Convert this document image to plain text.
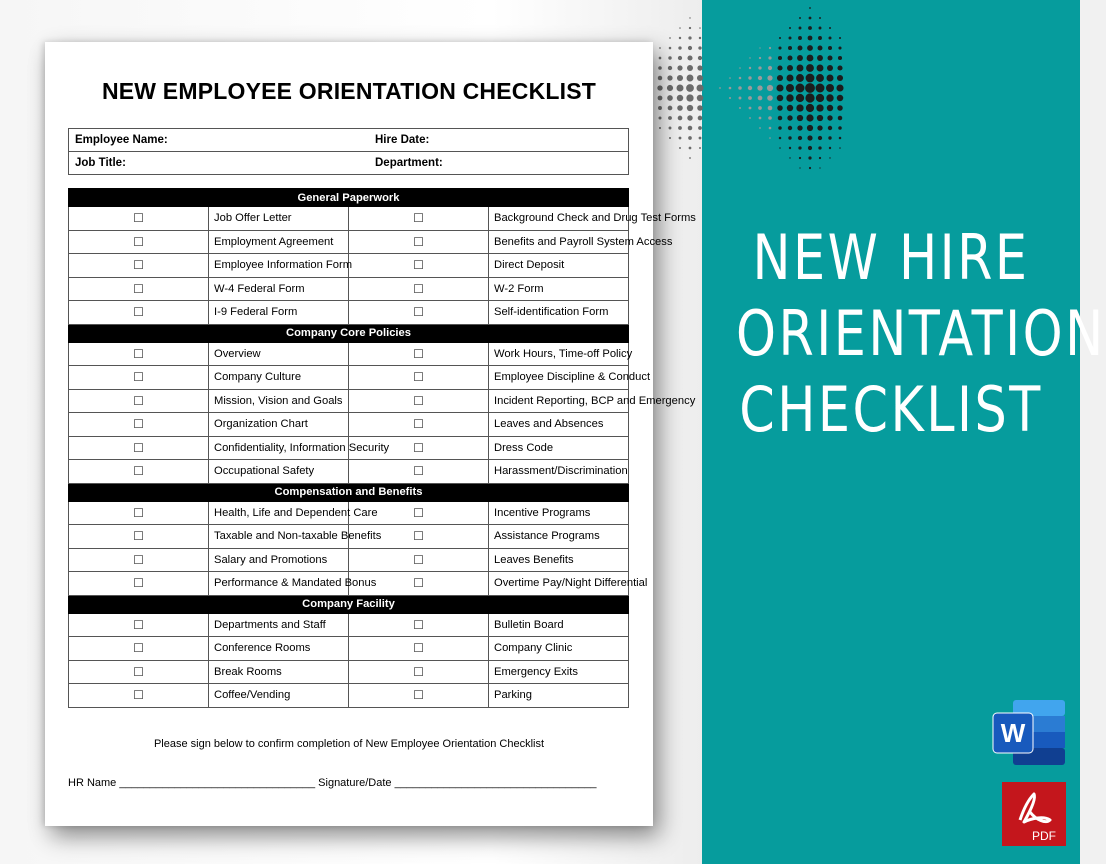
NEW HIRE
ORIENTATION
CHECKLIST
NEW EMPLOYEE ORIENTATION CHECKLIST
Employee Name:	Hire Date:
Job Title:	Department:
General Paperwork			
☐	Job Offer Letter	☐	Background Check and Drug Test Forms
☐	Employment Agreement	☐	Benefits and Payroll System Access
☐	Employee Information Form	☐	Direct Deposit
☐	W-4 Federal Form	☐	W-2 Form
☐	I-9 Federal Form	☐	Self-identification Form
Company Core Policies			
☐	Overview	☐	Work Hours, Time-off Policy
☐	Company Culture	☐	Employee Discipline & Conduct
☐	Mission, Vision and Goals	☐	Incident Reporting, BCP and Emergency
☐	Organization Chart	☐	Leaves and Absences
☐	Confidentiality, Information Security	☐	Dress Code
☐	Occupational Safety	☐	Harassment/Discrimination
Compensation and Benefits			
☐	Health, Life and Dependent Care	☐	Incentive Programs
☐	Taxable and Non-taxable Benefits	☐	Assistance Programs
☐	Salary and Promotions	☐	Leaves Benefits
☐	Performance & Mandated Bonus	☐	Overtime Pay/Night Differential
Company Facility			
☐	Departments and Staff	☐	Bulletin Board
☐	Conference Rooms	☐	Company Clinic
☐	Break Rooms	☐	Emergency Exits
☐	Coffee/Vending	☐	Parking
Please sign below to confirm completion of New Employee Orientation Checklist
HR Name ________________________________ Signature/Date _________________________________
W
PDF
